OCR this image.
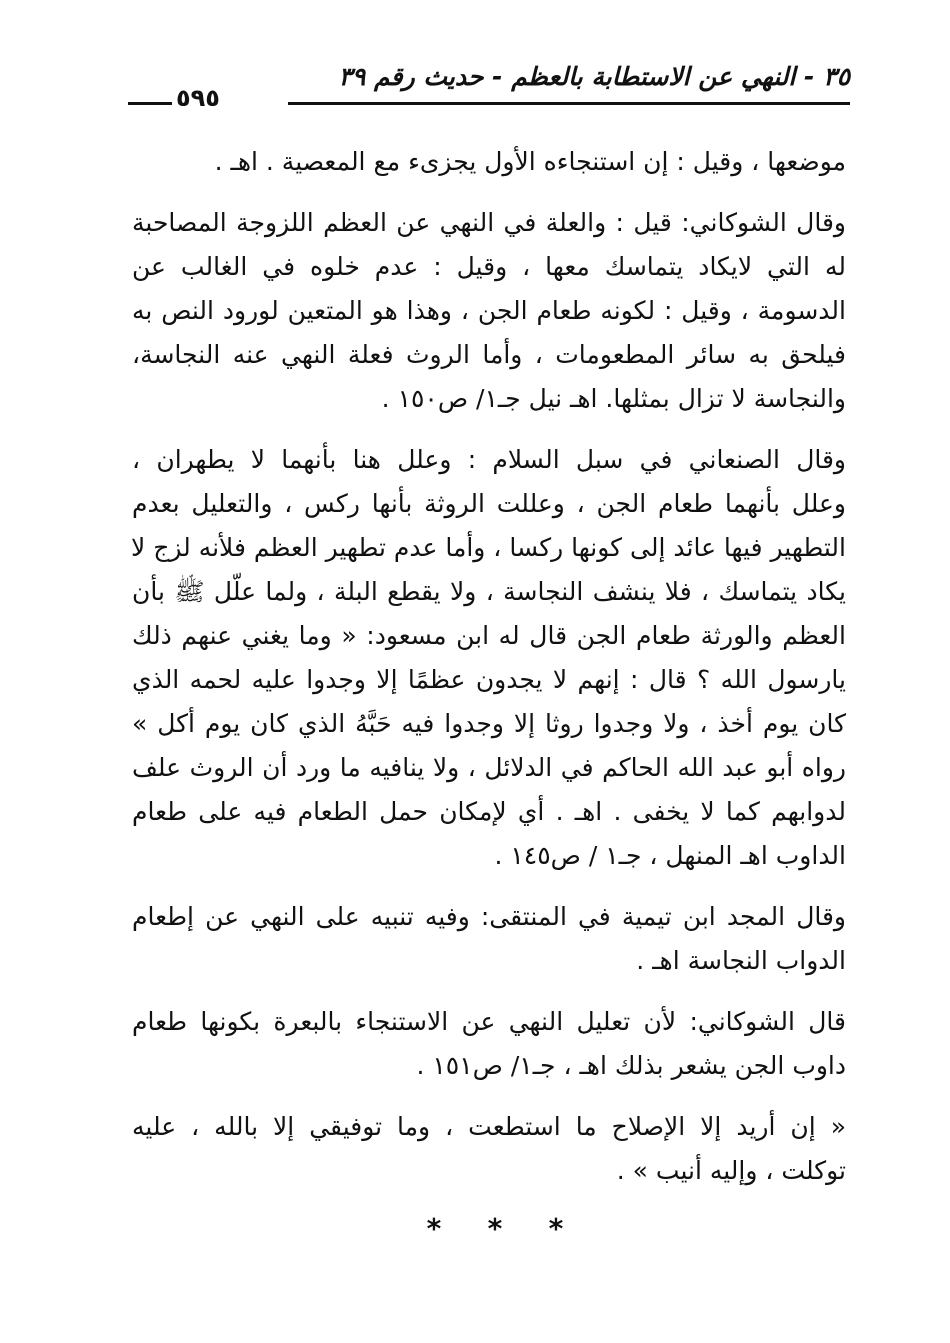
٣٥ - النهي عن الاستطابة بالعظم - حديث رقم ٣٩
٥٩٥
موضعها ، وقيل : إن استنجاءه الأول يجزىء مع المعصية . اهـ .
وقال الشوكاني: قيل : والعلة في النهي عن العظم اللزوجة المصاحبة
له التي لايكاد يتماسك معها ، وقيل : عدم خلوه في الغالب عن
الدسومة ، وقيل : لكونه طعام الجن ، وهذا هو المتعين لورود النص به
فيلحق به سائر المطعومات ، وأما الروث فعلة النهي عنه النجاسة،
والنجاسة لا تزال بمثلها. اهـ نيل جـ١/ ص١٥٠ .
وقال الصنعاني في سبل السلام : وعلل هنا بأنهما لا يطهران ،
وعلل بأنهما طعام الجن ، وعللت الروثة بأنها ركس ، والتعليل بعدم
التطهير فيها عائد إلى كونها ركسا ، وأما عدم تطهير العظم فلأنه لزج لا
يكاد يتماسك ، فلا ينشف النجاسة ، ولا يقطع البلة ، ولما علّل ﷺ بأن
العظم والورثة طعام الجن قال له ابن مسعود: « وما يغني عنهم ذلك
يارسول الله ؟ قال : إنهم لا يجدون عظمًا إلا وجدوا عليه لحمه الذي
كان يوم أخذ ، ولا وجدوا روثا إلا وجدوا فيه حَبَّهُ الذي كان يوم أكل »
رواه أبو عبد الله الحاكم في الدلائل ، ولا ينافيه ما ورد أن الروث علف
لدوابهم كما لا يخفى . اهـ . أي لإمكان حمل الطعام فيه على طعام
الداوب اهـ المنهل ، جـ١ / ص١٤٥ .
وقال المجد ابن تيمية في المنتقى: وفيه تنبيه على النهي عن إطعام
الدواب النجاسة اهـ .
قال الشوكاني: لأن تعليل النهي عن الاستنجاء بالبعرة بكونها طعام
داوب الجن يشعر بذلك اهـ ، جـ١/ ص١٥١ .
« إن أريد إلا الإصلاح ما استطعت ، وما توفيقي إلا بالله ، عليه
توكلت ، وإليه أنيب » .
* * *
